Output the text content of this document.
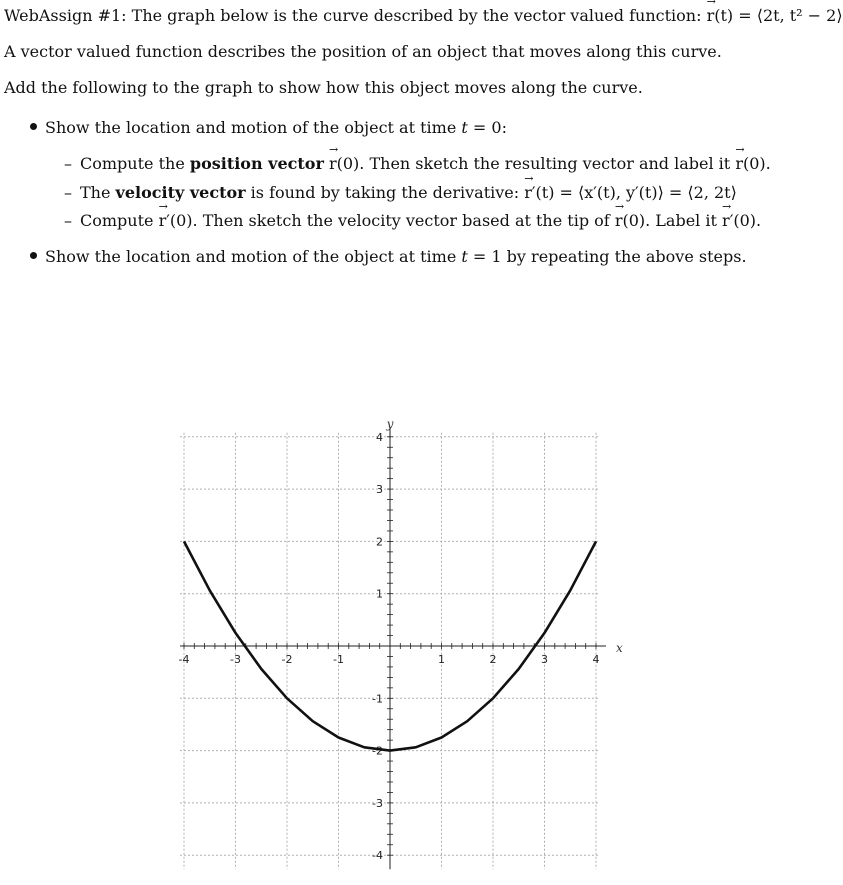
WebAssign #1: The graph below is the curve described by the vector valued function: → r(t) = ⟨2t, t² − 2⟩
A vector valued function describes the position of an object that moves along this curve.
Add the following to the graph to show how this object moves along the curve.
Show the location and motion of the object at time t = 0:
– Compute the position vector → r(0). Then sketch the resulting vector and label it → r(0).
– The velocity vector is found by taking the derivative: → r′(t) = ⟨x′(t), y′(t)⟩ = ⟨2, 2t⟩
– Compute → r′(0). Then sketch the velocity vector based at the tip of → r(0). Label it → r′(0).
Show the location and motion of the object at time t = 1 by repeating the above steps.
-4	-3	-2	-1	1	2	3	4
4
3
2
1
-1
-2
-3
-4
x
y
